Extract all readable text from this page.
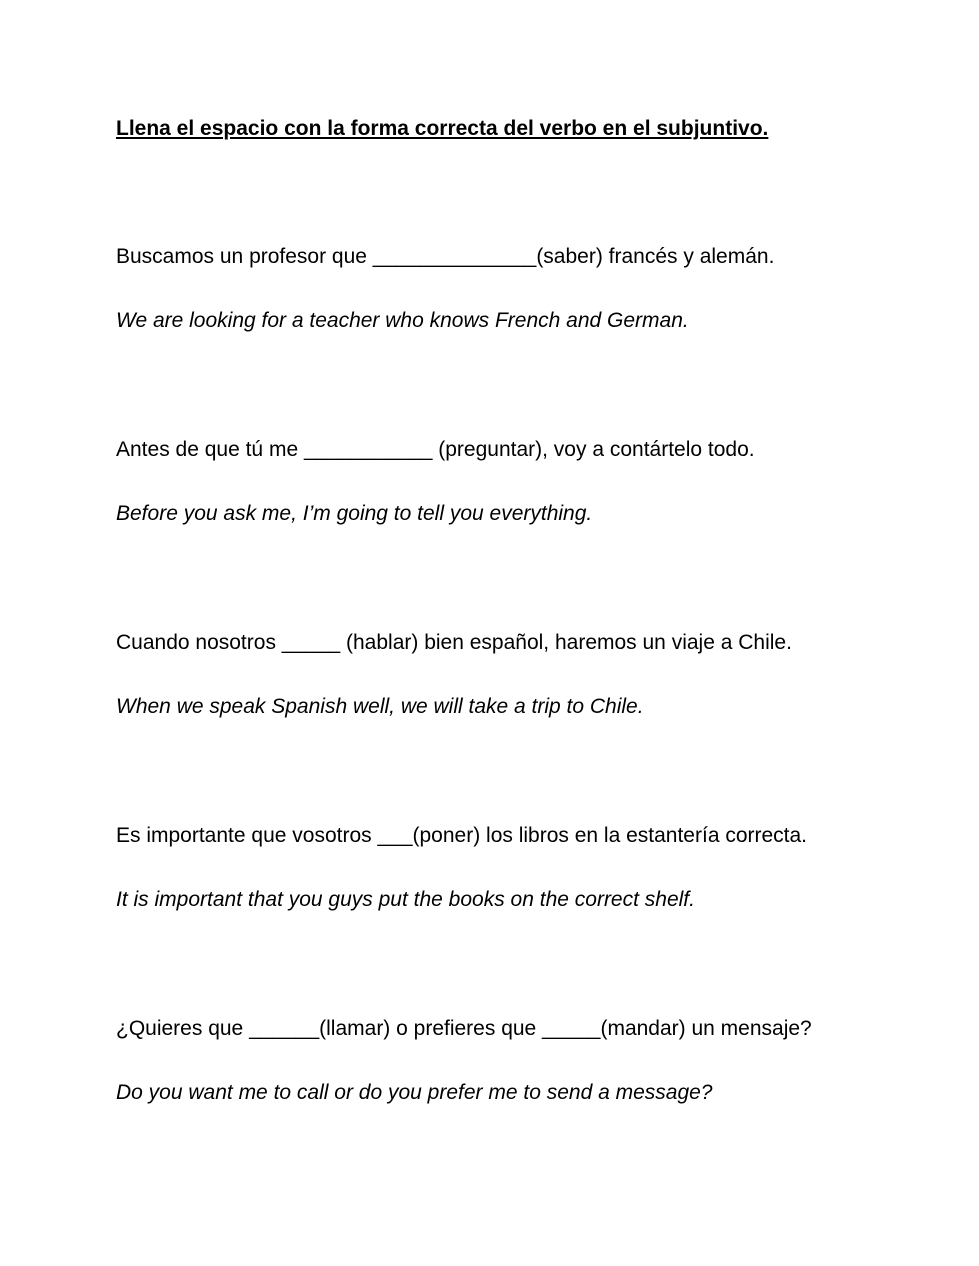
Llena el espacio con la forma correcta del verbo en el subjuntivo.
Buscamos un profesor que ______________(saber) francés y alemán.
We are looking for a teacher who knows French and German.
Antes de que tú me ___________ (preguntar), voy a contártelo todo.
Before you ask me, I’m going to tell you everything.
Cuando nosotros _____ (hablar) bien español, haremos un viaje a Chile.
When we speak Spanish well, we will take a trip to Chile.
Es importante que vosotros ___(poner) los libros en la estantería correcta.
It is important that you guys put the books on the correct shelf.
¿Quieres que ______(llamar) o prefieres que _____(mandar) un mensaje?
Do you want me to call or do you prefer me to send a message?
